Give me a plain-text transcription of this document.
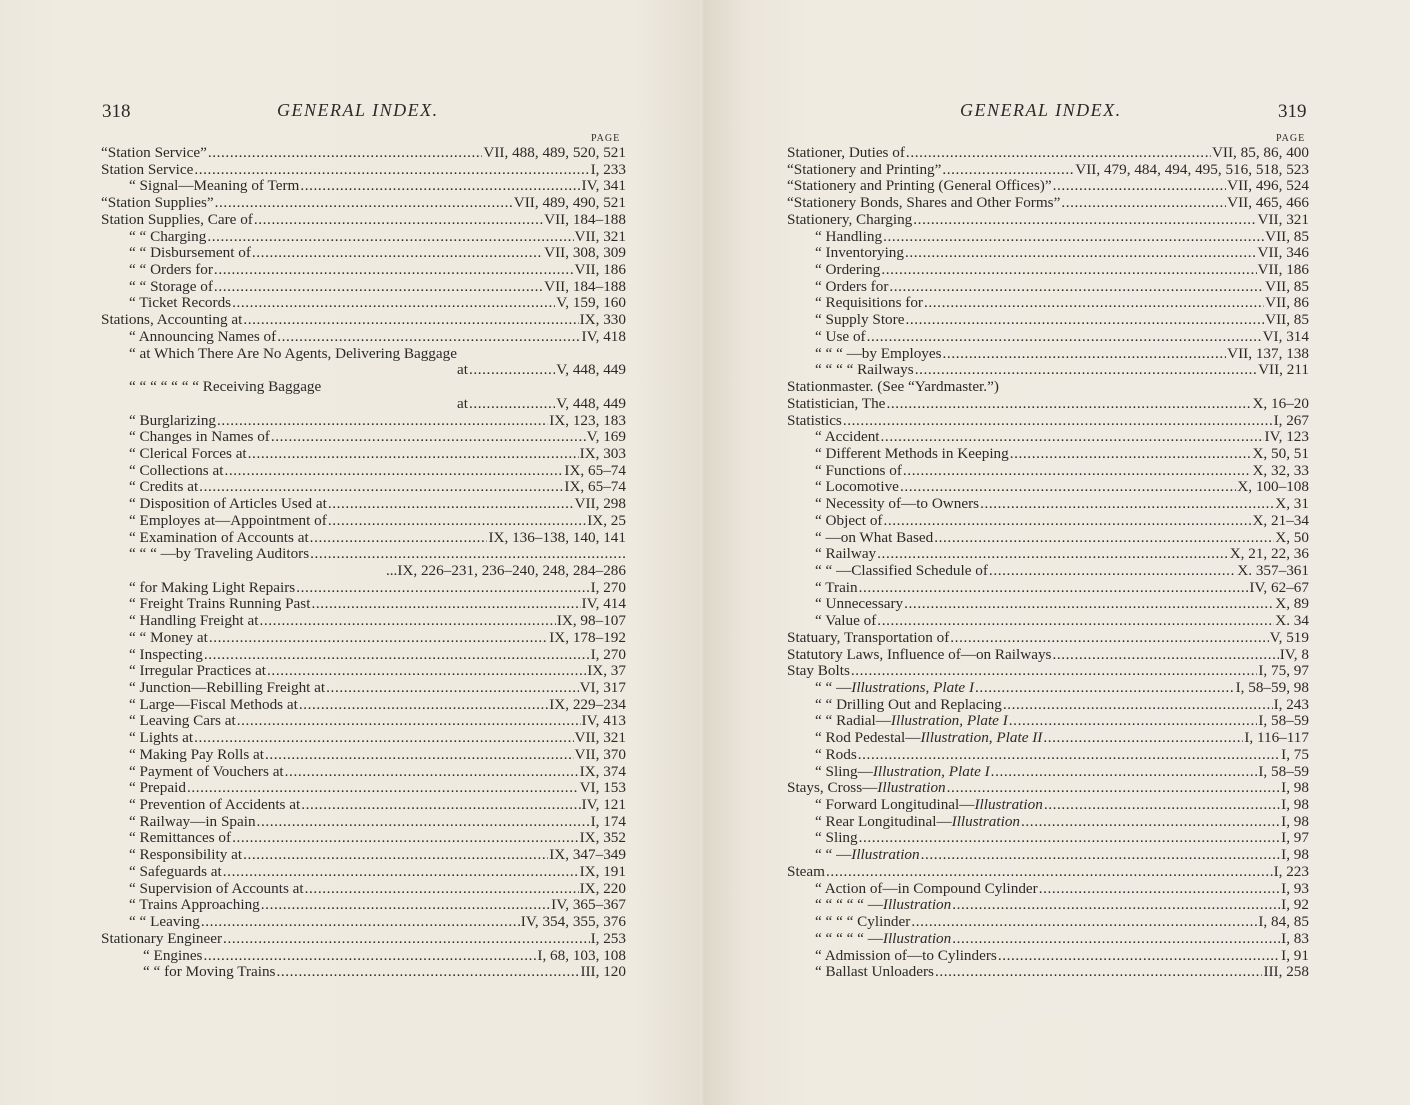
318	GENERAL INDEX.
PAGE
“Station Service” . . .	VII, 488, 489, 520, 521
Station Service . . .	I, 233
“ Signal—Meaning of Term . . .	IV, 341
“Station Supplies” . . .	VII, 489, 490, 521
Station Supplies, Care of . . .	VII, 184–188
“ “ Charging . . .	VII, 321
“ “ Disbursement of . . .	VII, 308, 309
“ “ Orders for . . .	VII, 186
“ “ Storage of . . .	VII, 184–188
“ Ticket Records . . .	V, 159, 160
Stations, Accounting at . . .	IX, 330
“ Announcing Names of . . .	IV, 418
“ at Which There Are No Agents, Delivering Baggage
at . . .	V, 448, 449
“ “ “ “ “ “ “ Receiving Baggage
at . . .	V, 448, 449
“ Burglarizing . . .	IX, 123, 183
“ Changes in Names of . . .	V, 169
“ Clerical Forces at . . .	IX, 303
“ Collections at . . .	IX, 65–74
“ Credits at . . .	IX, 65–74
“ Disposition of Articles Used at . . .	VII, 298
“ Employes at—Appointment of . . .	IX, 25
“ Examination of Accounts at . . .	IX, 136–138, 140, 141
“ “ “ —by Traveling Auditors
. . .
...IX, 226–231, 236–240, 248, 284–286
“ for Making Light Repairs . . .	I, 270
“ Freight Trains Running Past . . .	IV, 414
“ Handling Freight at . . .	IX, 98–107
“ “ Money at . . .	IX, 178–192
“ Inspecting . . .	I, 270
“ Irregular Practices at . . .	IX, 37
“ Junction—Rebilling Freight at . . .	VI, 317
“ Large—Fiscal Methods at . . .	IX, 229–234
“ Leaving Cars at . . .	IV, 413
“ Lights at . . .	VII, 321
“ Making Pay Rolls at . . .	VII, 370
“ Payment of Vouchers at . . .	IX, 374
“ Prepaid . . .	VI, 153
“ Prevention of Accidents at . . .	IV, 121
“ Railway—in Spain . . .	I, 174
“ Remittances of . . .	IX, 352
“ Responsibility at . . .	IX, 347–349
“ Safeguards at . . .	IX, 191
“ Supervision of Accounts at . . .	IX, 220
“ Trains Approaching . . .	IV, 365–367
“ “ Leaving . . .	IV, 354, 355, 376
Stationary Engineer . . .	I, 253
“ Engines . . .	I, 68, 103, 108
“ “ for Moving Trains . . .	III, 120
GENERAL INDEX.	319
PAGE
Stationer, Duties of . . .	VII, 85, 86, 400
“Stationery and Printing” . . .	VII, 479, 484, 494, 495, 516, 518, 523
“Stationery and Printing (General Offices)” . . .	VII, 496, 524
“Stationery Bonds, Shares and Other Forms” . . .	VII, 465, 466
Stationery, Charging . . .	VII, 321
“ Handling . . .	VII, 85
“ Inventorying . . .	VII, 346
“ Ordering . . .	VII, 186
“ Orders for . . .	VII, 85
“ Requisitions for . . .	VII, 86
“ Supply Store . . .	VII, 85
“ Use of . . .	VI, 314
“ “ “ —by Employes . . .	VII, 137, 138
“ “ “ “ Railways . . .	VII, 211
Stationmaster. (See “Yardmaster.”)
Statistician, The . . .	X, 16–20
Statistics . . .	I, 267
“ Accident . . .	IV, 123
“ Different Methods in Keeping . . .	X, 50, 51
“ Functions of . . .	X, 32, 33
“ Locomotive . . .	X, 100–108
“ Necessity of—to Owners . . .	X, 31
“ Object of . . .	X, 21–34
“ —on What Based . . .	X, 50
“ Railway . . .	X, 21, 22, 36
“ “ —Classified Schedule of . . .	X. 357–361
“ Train . . .	IV, 62–67
“ Unnecessary . . .	X, 89
“ Value of . . .	X. 34
Statuary, Transportation of . . .	V, 519
Statutory Laws, Influence of—on Railways . . .	IV, 8
Stay Bolts . . .	I, 75, 97
“ “ —Illustrations, Plate I . . .	I, 58–59, 98
“ “ Drilling Out and Replacing . . .	I, 243
“ “ Radial—Illustration, Plate I . . .	I, 58–59
“ Rod Pedestal—Illustration, Plate II . . .	I, 116–117
“ Rods . . .	I, 75
“ Sling—Illustration, Plate I . . .	I, 58–59
Stays, Cross—Illustration . . .	I, 98
“ Forward Longitudinal—Illustration . . .	I, 98
“ Rear Longitudinal—Illustration . . .	I, 98
“ Sling . . .	I, 97
“ “ —Illustration . . .	I, 98
Steam . . .	I, 223
“ Action of—in Compound Cylinder . . .	I, 93
“ “ “ “ “ —Illustration . . .	I, 92
“ “ “ “ Cylinder . . .	I, 84, 85
“ “ “ “ “ —Illustration . . .	I, 83
“ Admission of—to Cylinders . . .	I, 91
“ Ballast Unloaders . . .	III, 258
